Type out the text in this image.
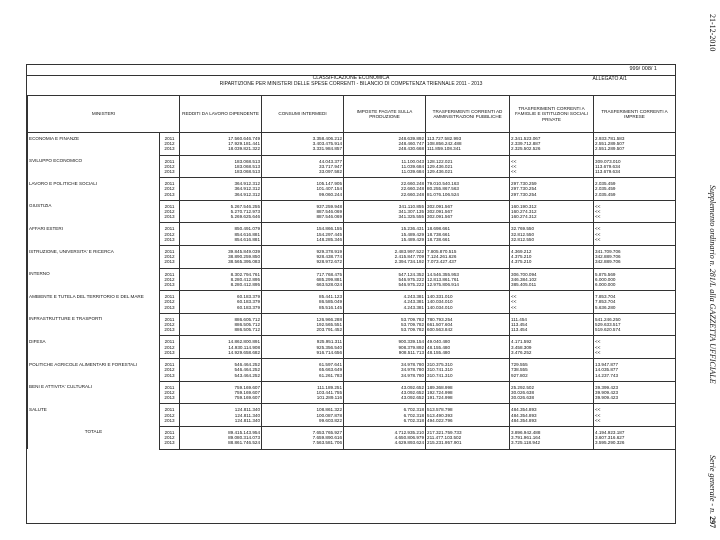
999/ 008/ 1
CLASSIFICAZIONE ECONOMICA
RIPARTIZIONE PER MINISTERI DELLE SPESE CORRENTI - BILANCIO DI COMPETENZA TRIENNALE 2011 - 2013
ALLEGATO A/1
MINISTERI		REDDITI DA LAVORO DIPENDENTE	CONSUMI INTERMEDI	IMPOSTE PAGATE SULLA PRODUZIONE	TRASFERIMENTI CORRENTI AD AMMINISTRAZIONI PUBBLICHE	TRASFERIMENTI CORRENTI A FAMIGLIE E ISTITUZIONI SOCIALI PRIVATE	TRASFERIMENTI CORRENTI A IMPRESE
ECONOMIA E FINANZE	2011	17.560.646.749	3.358.406.212	248.639.892	113.727.582.993	2.341.523.067	2.933.781.583
	2012	17.929.181.441	3.403.475.914	248.460.747	108.856.242.488	2.339.712.887	2.551.289.507
	2013	18.039.821.322	3.331.984.857	248.430.668	111.859.108.341	2.325.502.526	2.551.289.507
SVILUPPO ECONOMICO	2011	183.068.513	44.043.377	11.100.043	128.122.021	<<	309.073.010
	2012	183.068.513	33.717.947	11.039.684	129.436.021	<<	113.679.634
	2013	183.068.513	33.097.582	11.039.684	129.436.021	<<	113.679.634
LAVORO E POLITICHE SOCIALI	2011	364.912.312	105.147.905	22.660.248	79.010.540.163	297.730.259	2.035.459
	2012	364.912.312	101.407.154	22.660.248	80.255.867.563	297.730.254	2.035.459
	2013	364.912.312	99.060.244	22.660.248	81.076.106.524	297.730.254	2.035.459
GIUSTIZIA	2011	5.267.546.255	937.259.948	341.110.855	302.091.567	160.190.312	<<
	2012	5.270.712.973	887.546.069	341.307.135	302.091.567	160.274.312	<<
	2013	5.269.625.646	887.546.069	341.325.555	302.091.567	160.274.312	<<
AFFARI ESTERI	2011	850.491.079	154.866.155	15.236.431	18.698.661	32.769.550	<<
	2012	854.616.881	154.297.445	15.489.429	18.738.661	32.812.550	<<
	2013	854.616.881	148.285.346	15.489.429	18.738.661	32.812.550	<<
ISTRUZIONE, UNIVERSITA' E RICERCA	2011	39.845.849.039	929.378.919	2.483.997.522	7.805.870.515	4.369.212	341.709.706
	2012	38.890.259.850	928.438.774	2.415.847.709	7.124.261.626	4.375.210	342.889.706
	2013	38.565.395.083	928.972.672	2.394.734.192	7.073.427.437	4.375.210	342.889.706
INTERNO	2011	8.302.794.761	717.768.475	547.124.352	14.546.355.953	306.700.094	5.875.569
	2012	8.280.412.895	685.299.881	546.975.222	12.813.861.761	346.384.102	6.000.000
	2013	8.280.412.895	663.528.024	546.975.222	12.975.806.914	385.405.011	6.000.000
AMBIENTE E TUTELA DEL TERRITORIO E DEL MARE	2011	60.183.379	85.441.123	4.243.381	140.331.010	<<	7.853.704
	2012	60.183.379	86.585.049	4.243.381	140.034.010	<<	7.853.704
	2013	60.183.379	85.516.145	4.243.381	140.034.010	<<	5.636.280
INFRASTRUTTURE E TRASPORTI	2011	886.605.712	126.966.288	53.709.782	780.793.254	111.454	541.246.250
	2012	886.505.712	192.565.551	53.709.782	661.507.604	113.454	529.633.517
	2013	886.505.712	203.791.452	53.709.782	600.563.842	113.454	519.620.574
DIFESA	2011	14.862.800.891	925.951.311	900.339.154	49.040.480	4.171.592	<<
	2012	14.930.114.908	925.356.540	908.379.892	48.155.480	3.458.309	<<
	2013	14.929.658.682	916.714.656	908.511.713	48.155.480	3.476.252	<<
POLITICHE AGRICOLE ALIMENTARI E FORESTALI	2011	546.464.252	61.597.641	34.978.780	310.375.310	729.555	13.947.877
	2012	546.464.252	65.663.649	34.978.780	310.741.310	738.555	14.035.877
	2013	543.464.252	61.261.783	34.978.780	310.741.310	927.802	14.237.743
BENI E ATTIVITA' CULTURALI	2011	759.169.607	111.189.251	43.092.652	189.368.998	25.292.502	39.399.423
	2012	759.169.607	103.441.755	43.092.652	192.724.998	30.026.638	39.909.423
	2013	759.169.607	101.289.116	43.092.652	191.724.998	30.026.638	39.909.423
SALUTE	2011	124.811.340	108.861.322	6.702.318	513.578.798	484.354.893	<<
	2012	124.811.340	100.087.878	6.702.318	513.490.393	484.354.893	<<
	2013	124.811.340	99.603.822	6.702.318	494.022.796	484.354.893	<<
TOTALE	2011	89.415.143.954	7.653.765.927	4.712.935.210	217.321.759.733	3.896.942.488	4.194.923.187
	2012	89.080.314.073	7.659.890.616	4.650.806.979	211.477.103.502	3.791.961.164	3.607.316.627
	2013	88.861.746.524	7.563.581.706	4.629.893.624	215.231.957.901	3.725.118.942	3.595.290.326
21-12-2010
Supplemento ordinario n. 281/L alla GAZZETTA UFFICIALE
Serie generale - n. 297
